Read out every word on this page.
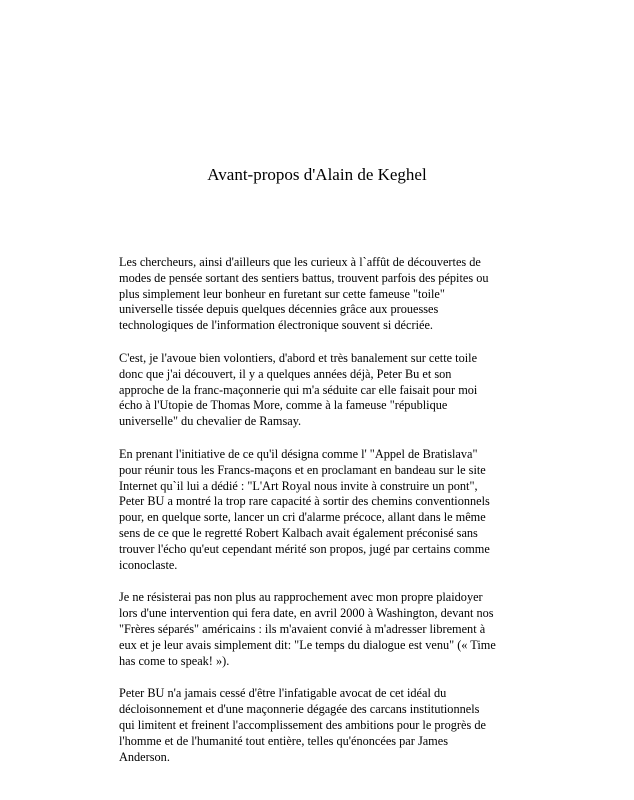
Avant-propos d'Alain de Keghel

Les chercheurs, ainsi d'ailleurs que les curieux à l`affût de découvertes de
modes de pensée sortant des sentiers battus, trouvent parfois des pépites ou
plus simplement leur bonheur en furetant sur cette fameuse "toile"
universelle tissée depuis quelques décennies grâce aux prouesses
technologiques de l'information électronique souvent si décriée.

C'est, je l'avoue bien volontiers, d'abord et très banalement sur cette toile
donc que j'ai découvert, il y a quelques années déjà, Peter Bu et son
approche de la franc-maçonnerie qui m'a séduite car elle faisait pour moi
écho à l'Utopie de Thomas More, comme à la fameuse "république
universelle" du chevalier de Ramsay.

En prenant l'initiative de ce qu'il désigna comme l' "Appel de Bratislava"
pour réunir tous les Francs-maçons et en proclamant en bandeau sur le site
Internet qu`il lui a dédié : "L'Art Royal nous invite à construire un pont",
Peter BU a montré la trop rare capacité à sortir des chemins conventionnels
pour, en quelque sorte, lancer un cri d'alarme précoce, allant dans le même
sens de ce que le regretté Robert Kalbach avait également préconisé sans
trouver l'écho qu'eut cependant mérité son propos, jugé par certains comme
iconoclaste.

Je ne résisterai pas non plus au rapprochement avec mon propre plaidoyer
lors d'une intervention qui fera date, en avril 2000 à Washington, devant nos
"Frères séparés" américains : ils m'avaient convié à m'adresser librement à
eux et je leur avais simplement dit: "Le temps du dialogue est venu" (« Time
has come to speak! »).

Peter BU n'a jamais cessé d'être l'infatigable avocat de cet idéal du
décloisonnement et d'une maçonnerie dégagée des carcans institutionnels
qui limitent et freinent l'accomplissement des ambitions pour le progrès de
l'homme et de l'humanité tout entière, telles qu'énoncées par James
Anderson.
